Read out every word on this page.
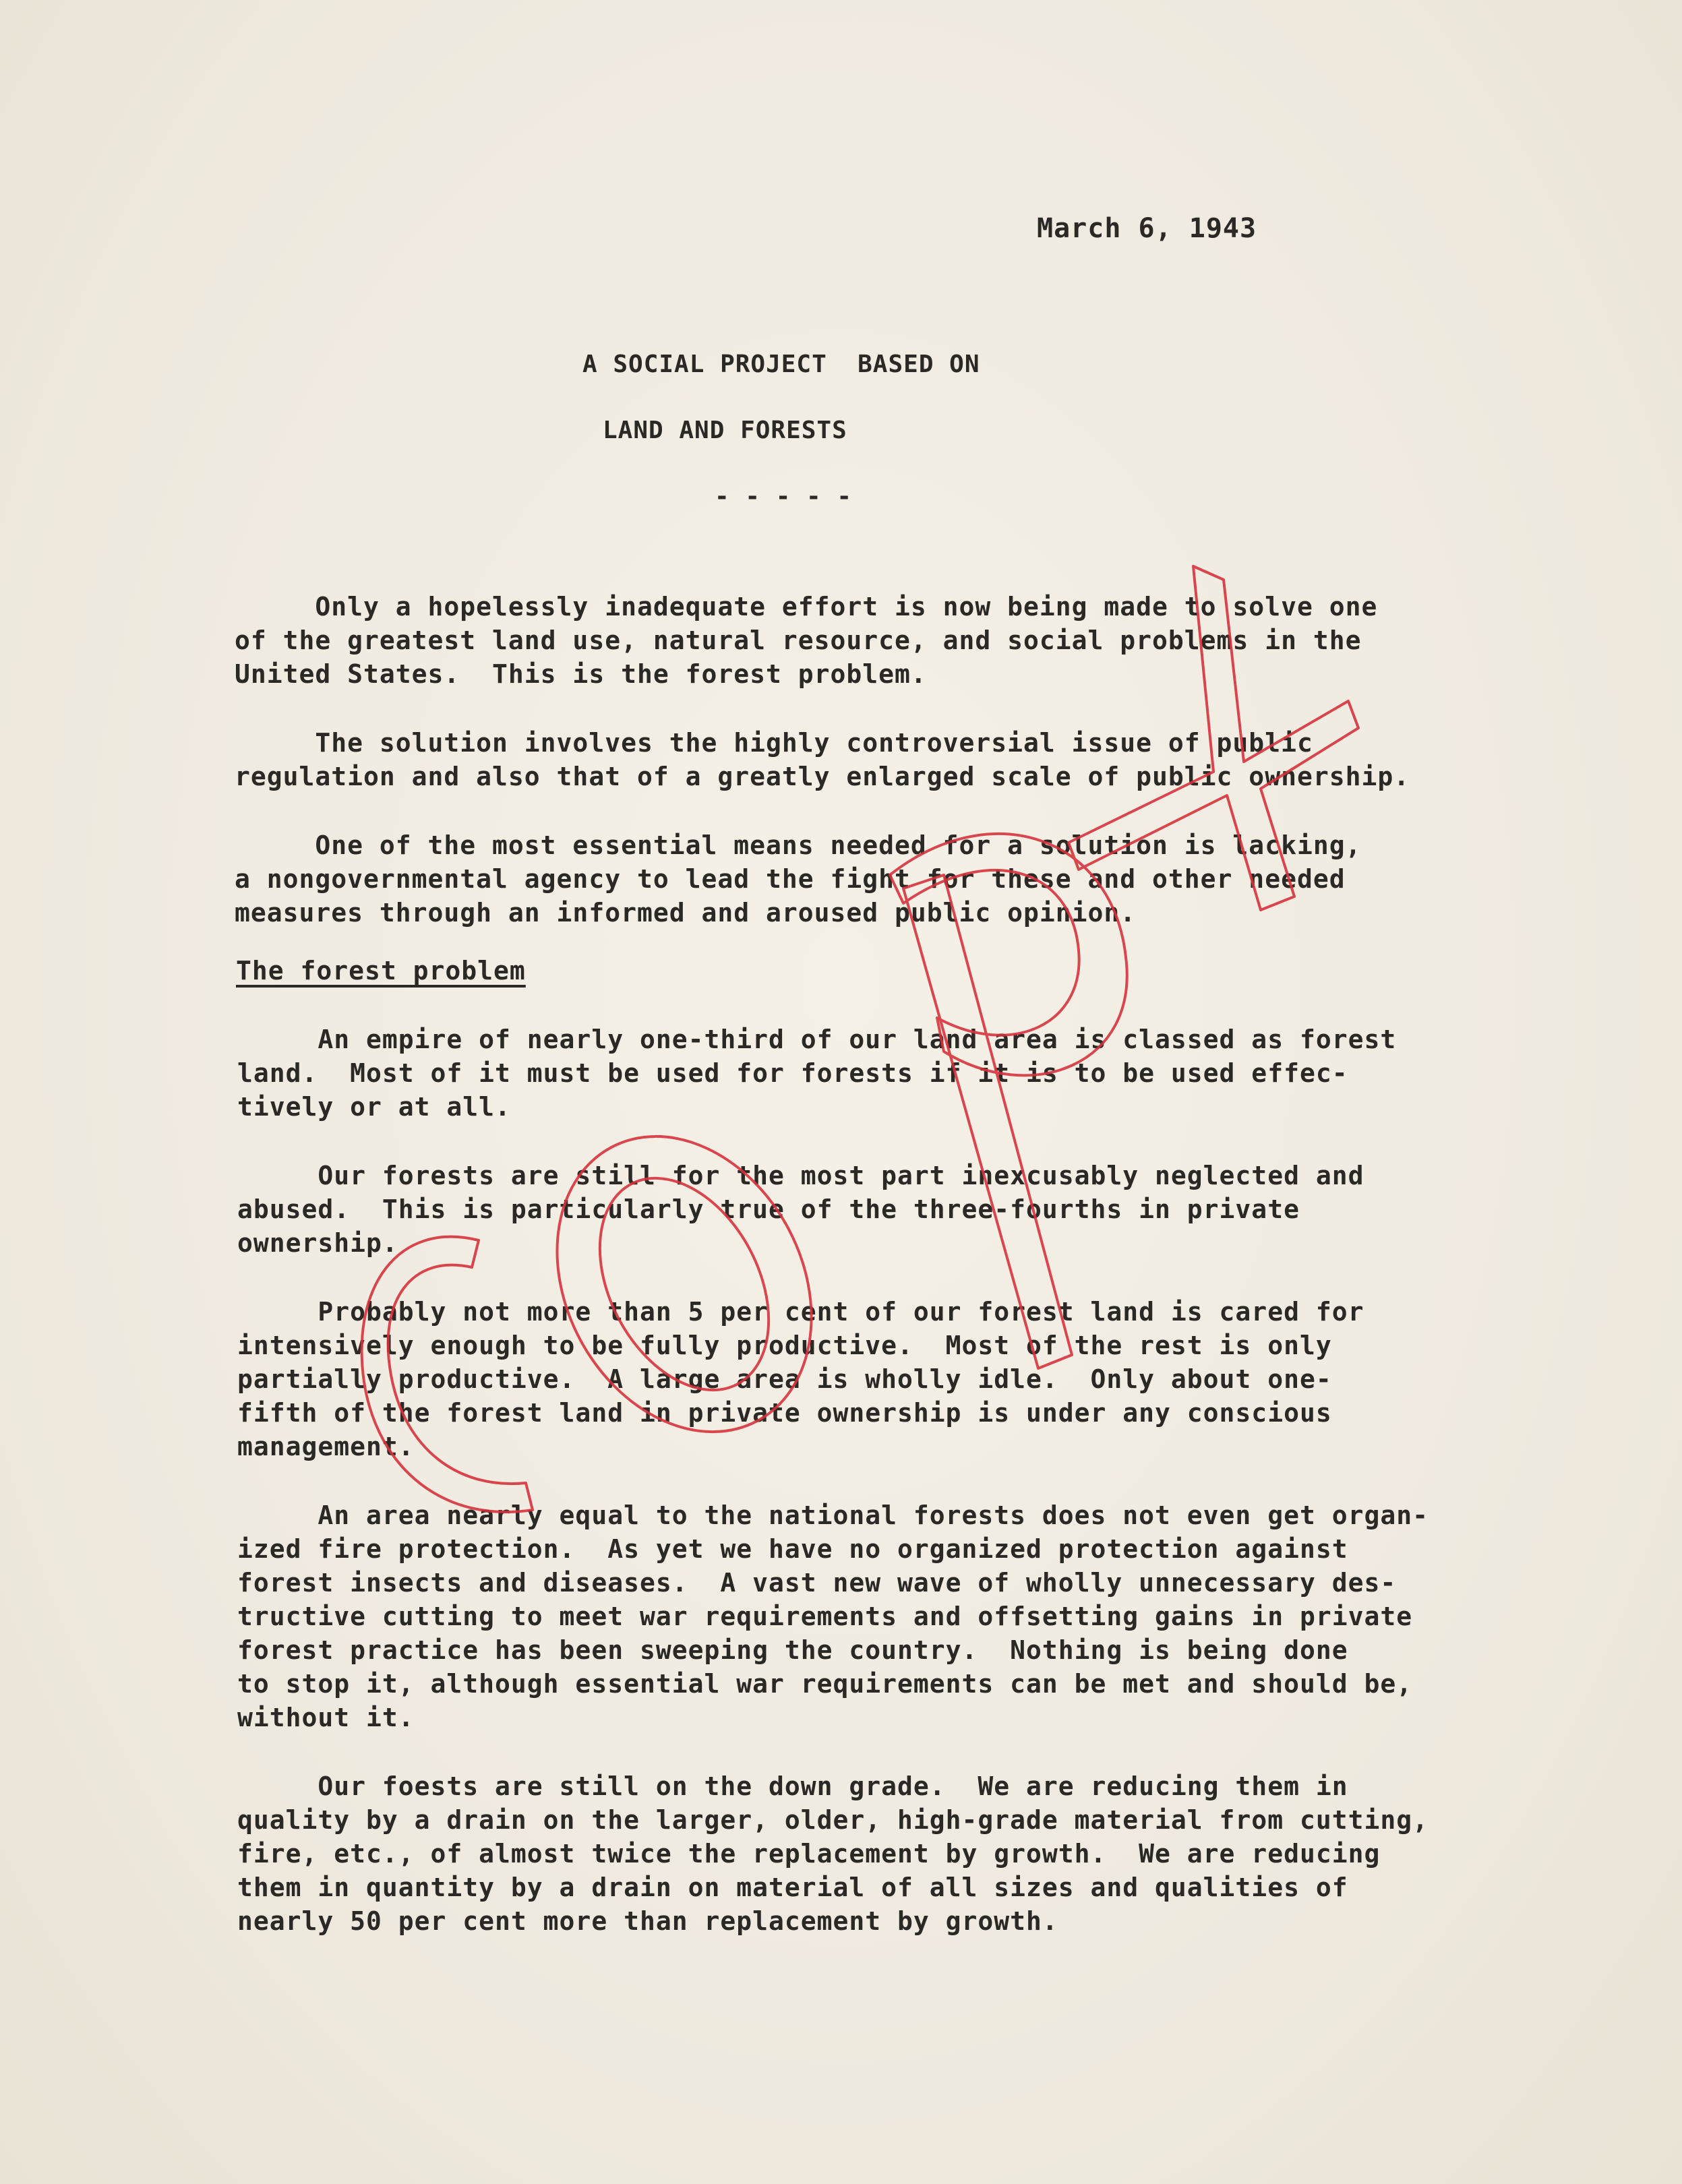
March 6, 1943
A SOCIAL PROJECT  BASED ON
LAND AND FORESTS
- - - - -
Only a hopelessly inadequate effort is now being made to solve one
of the greatest land use, natural resource, and social problems in the
United States.  This is the forest problem.
The solution involves the highly controversial issue of public
regulation and also that of a greatly enlarged scale of public ownership.
One of the most essential means needed for a solution is lacking,
a nongovernmental agency to lead the fight for these and other needed
measures through an informed and aroused public opinion.
The forest problem
An empire of nearly one-third of our land area is classed as forest
land.  Most of it must be used for forests if it is to be used effec-
tively or at all.
Our forests are still for the most part inexcusably neglected and
abused.  This is particularly true of the three-fourths in private
ownership.
Probably not more than 5 per cent of our forest land is cared for
intensively enough to be fully productive.  Most of the rest is only
partially productive.  A large area is wholly idle.  Only about one-
fifth of the forest land in private ownership is under any conscious
management.
An area nearly equal to the national forests does not even get organ-
ized fire protection.  As yet we have no organized protection against
forest insects and diseases.  A vast new wave of wholly unnecessary des-
tructive cutting to meet war requirements and offsetting gains in private
forest practice has been sweeping the country.  Nothing is being done
to stop it, although essential war requirements can be met and should be,
without it.
Our foests are still on the down grade.  We are reducing them in
quality by a drain on the larger, older, high-grade material from cutting,
fire, etc., of almost twice the replacement by growth.  We are reducing
them in quantity by a drain on material of all sizes and qualities of
nearly 50 per cent more than replacement by growth.
